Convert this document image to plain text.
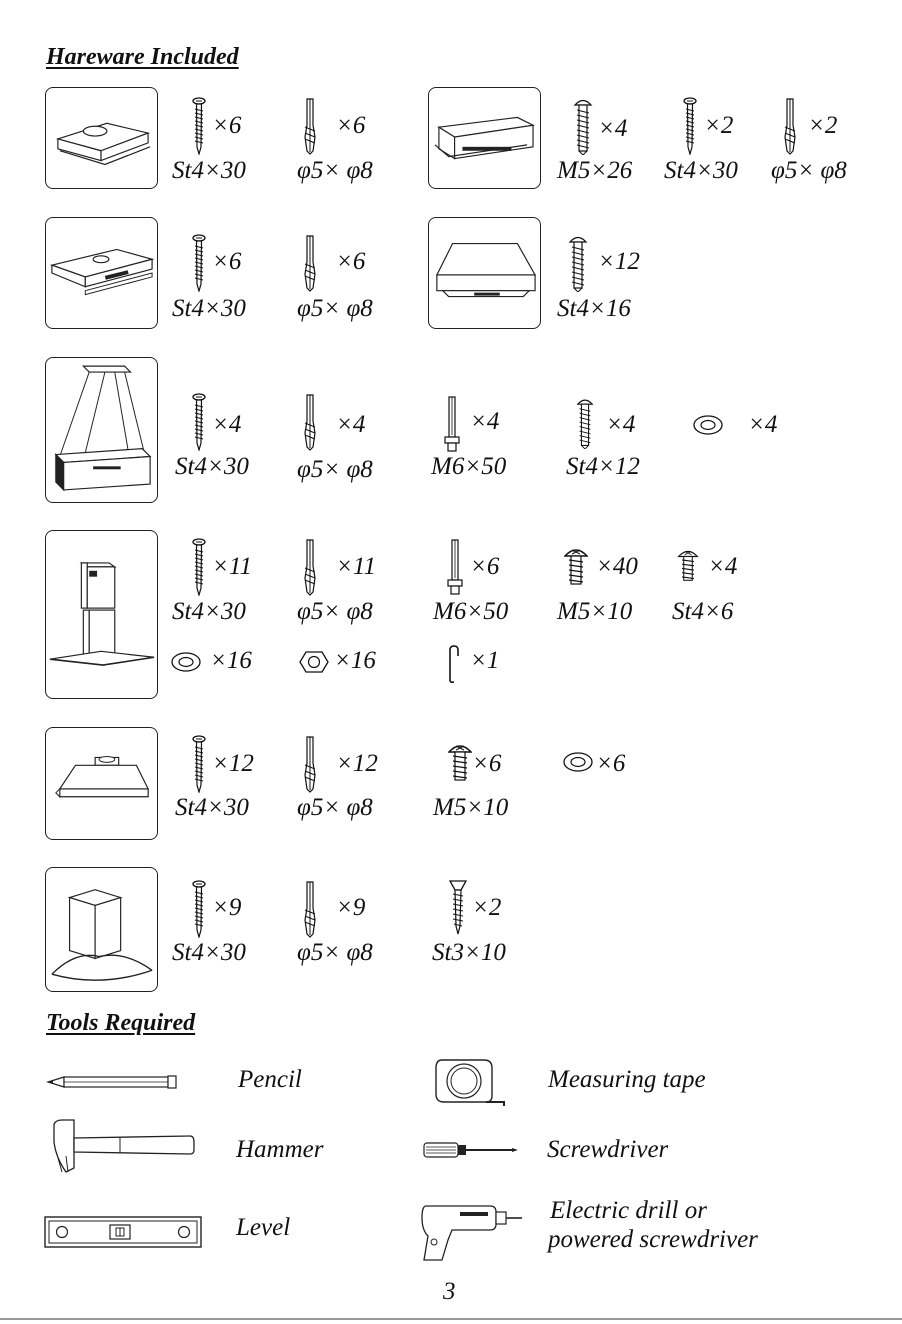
Hareware Included
×6
St4×30
×6
φ5× φ8
×4
M5×26
×2
St4×30
×2
φ5× φ8
×6
St4×30
×6
φ5× φ8
×12
St4×16
×4
St4×30
×4
φ5× φ8
×4
M6×50
×4
St4×12
×4
×11
St4×30
×11
φ5× φ8
×6
M6×50
×40
M5×10
×4
St4×6
×16	×16	×1
×12
St4×30
×12
φ5× φ8
×6
M5×10
×6
×9
St4×30
×9
φ5× φ8
×2
St3×10
Tools Required
Pencil	Measuring tape
Hammer	Screwdriver
Level
Electric drill or
powered screwdriver
3
